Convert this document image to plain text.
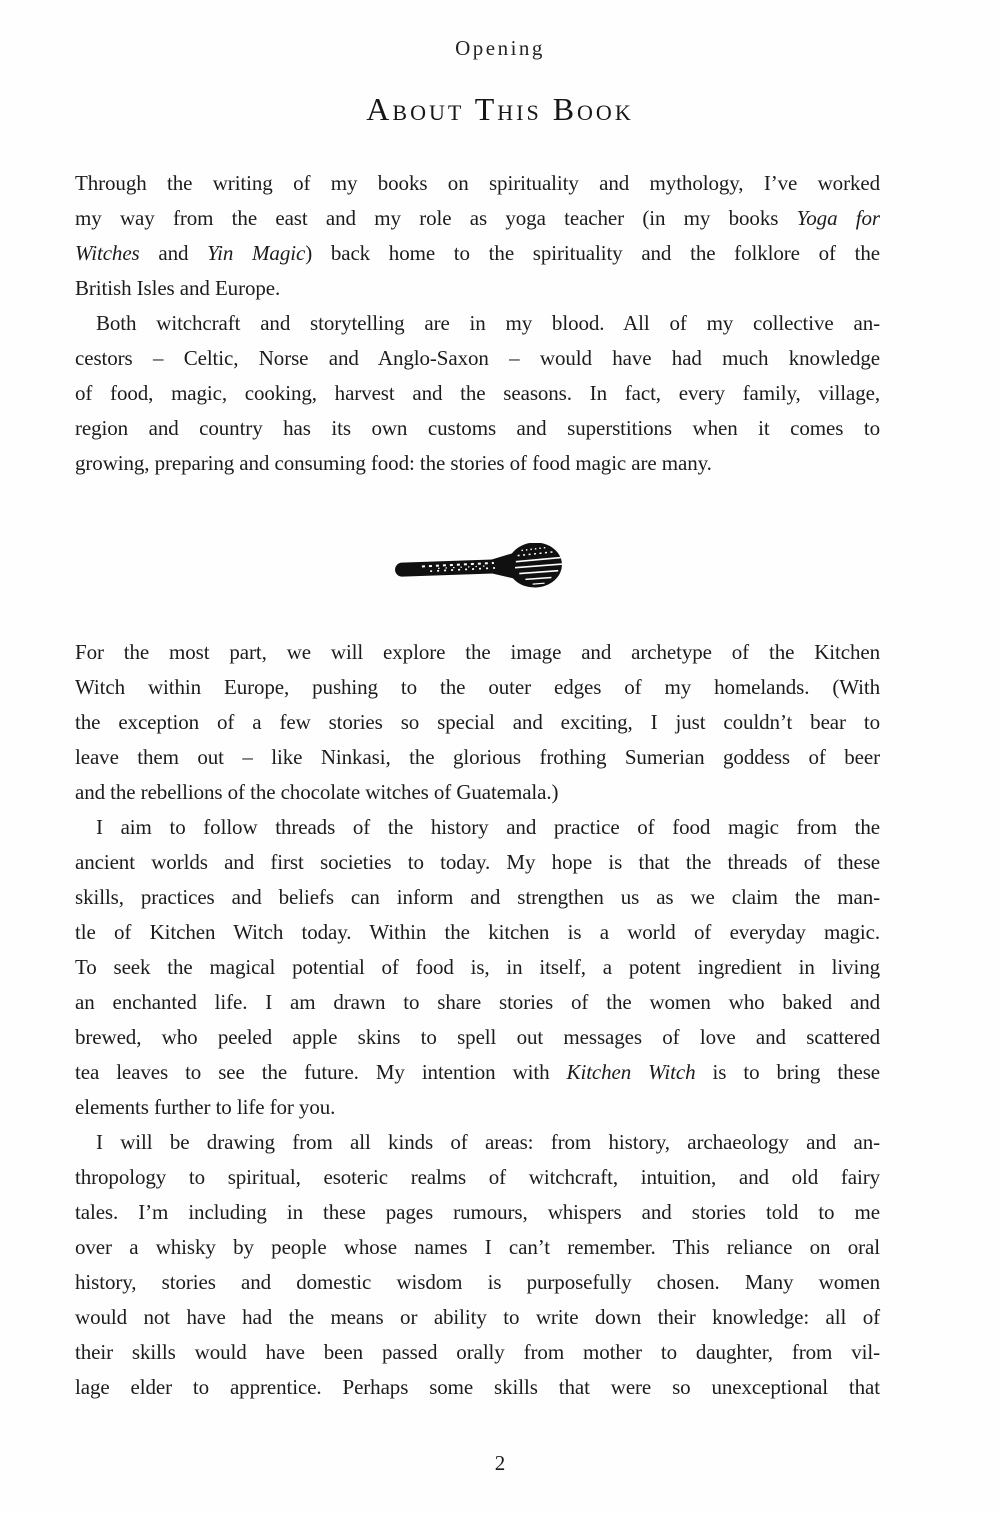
Opening
About This Book
Through the writing of my books on spirituality and mythology, I’ve worked
my way from the east and my role as yoga teacher (in my books Yoga for
Witches and Yin Magic) back home to the spirituality and the folklore of the
British Isles and Europe.
Both witchcraft and storytelling are in my blood. All of my collective an-
cestors – Celtic, Norse and Anglo-Saxon – would have had much knowledge
of food, magic, cooking, harvest and the seasons. In fact, every family, village,
region and country has its own customs and superstitions when it comes to
growing, preparing and consuming food: the stories of food magic are many.
For the most part, we will explore the image and archetype of the Kitchen
Witch within Europe, pushing to the outer edges of my homelands. (With
the exception of a few stories so special and exciting, I just couldn’t bear to
leave them out – like Ninkasi, the glorious frothing Sumerian goddess of beer
and the rebellions of the chocolate witches of Guatemala.)
I aim to follow threads of the history and practice of food magic from the
ancient worlds and first societies to today. My hope is that the threads of these
skills, practices and beliefs can inform and strengthen us as we claim the man-
tle of Kitchen Witch today. Within the kitchen is a world of everyday magic.
To seek the magical potential of food is, in itself, a potent ingredient in living
an enchanted life. I am drawn to share stories of the women who baked and
brewed, who peeled apple skins to spell out messages of love and scattered
tea leaves to see the future. My intention with Kitchen Witch is to bring these
elements further to life for you.
I will be drawing from all kinds of areas: from history, archaeology and an-
thropology to spiritual, esoteric realms of witchcraft, intuition, and old fairy
tales. I’m including in these pages rumours, whispers and stories told to me
over a whisky by people whose names I can’t remember. This reliance on oral
history, stories and domestic wisdom is purposefully chosen. Many women
would not have had the means or ability to write down their knowledge: all of
their skills would have been passed orally from mother to daughter, from vil-
lage elder to apprentice. Perhaps some skills that were so unexceptional that
2
